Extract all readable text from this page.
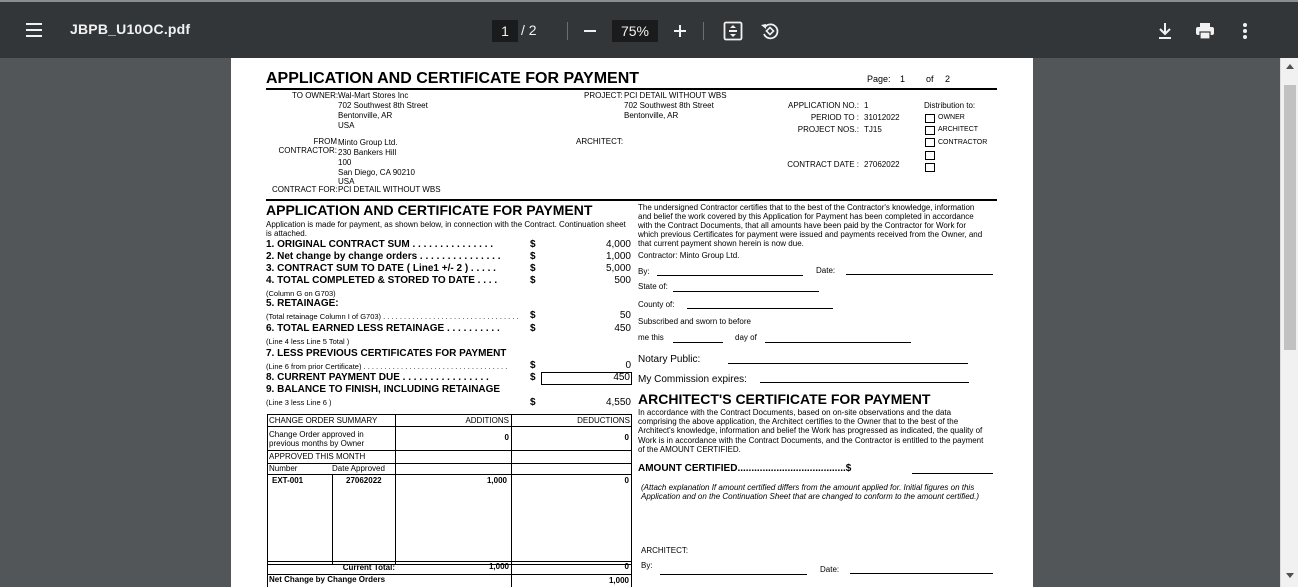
JBPB_U10OC.pdf	1 / 2	75%
APPLICATION AND CERTIFICATE FOR PAYMENT	Page: 1 of 2
TO OWNER: Wal-Mart Stores Inc
702 Southwest 8th Street
Bentonville, AR
USA
PROJECT: PCI DETAIL WITHOUT WBS
702 Southwest 8th Street
Bentonville, AR
APPLICATION NO.: 1
PERIOD TO : 31012022
PROJECT NOS.: TJ15
CONTRACT DATE : 27062022
Distribution to:
OWNER
ARCHITECT
CONTRACTOR
FROM
CONTRACTOR:
Minto Group Ltd.
230 Bankers Hill
100
San Diego, CA 90210
USA
ARCHITECT:
CONTRACT FOR: PCI DETAIL WITHOUT WBS
APPLICATION AND CERTIFICATE FOR PAYMENT
Application is made for payment, as shown below, in connection with the Contract. Continuation sheet
is attached.
1. ORIGINAL CONTRACT SUM . . . . . . . . . . . . . . .	$	4,000
2. Net change by change orders . . . . . . . . . . . . . . .	$	1,000
3. CONTRACT SUM TO DATE ( Line1 +/- 2 ) . . . . .	$	5,000
4. TOTAL COMPLETED & STORED TO DATE . . . .	$	500
(Column G on G703)
5. RETAINAGE:
(Total retainage Column I of G703) . . . . . . . . . . . . . . . . . . . . . . . . . . . . . . . . . $	50
6. TOTAL EARNED LESS RETAINAGE . . . . . . . . . .	$	450
(Line 4 less Line 5 Total )
7. LESS PREVIOUS CERTIFICATES FOR PAYMENT
(Line 6 from prior Certificate) . . . . . . . . . . . . . . . . . . . . . . . . . . . . . . . . . . . $	0
8. CURRENT PAYMENT DUE . . . . . . . . . . . . . . . .	$	450
9. BALANCE TO FINISH, INCLUDING RETAINAGE
(Line 3 less Line 6 )	$	4,550
CHANGE ORDER SUMMARY	ADDITIONS	DEDUCTIONS
Change Order approved in
previous months by Owner
0	0
APPROVED THIS MONTH
Number	Date Approved
EXT-001	27062022	1,000	0
Current Total:	1,000	0
Net Change by Change Orders	1,000
The undersigned Contractor certifies that to the best of the Contractor's knowledge, information
and belief the work covered by this Application for Payment has been completed in accordance
with the Contract Documents, that all amounts have been paid by the Contractor for Work for
which previous Certificates for payment were issued and payments received from the Owner, and
that current payment shown herein is now due.
Contractor: Minto Group Ltd.
By:	Date:
State of:
County of:
Subscribed and sworn to before
me this	day of
Notary Public:
My Commission expires:
ARCHITECT'S CERTIFICATE FOR PAYMENT
In accordance with the Contract Documents, based on on-site observations and the data
comprising the above application, the Architect certifies to the Owner that to the best of the
Architect's knowledge, information and belief the Work has progressed as indicated, the quality of
Work is in accordance with the Contract Documents, and the Contractor is entitled to the payment
of the AMOUNT CERTIFIED.
AMOUNT CERTIFIED.......................................$
(Attach explanation If amount certified differs from the amount applied for. Initial figures on this
Application and on the Continuation Sheet that are changed to conform to the amount certified.)
ARCHITECT:
By:	Date:
